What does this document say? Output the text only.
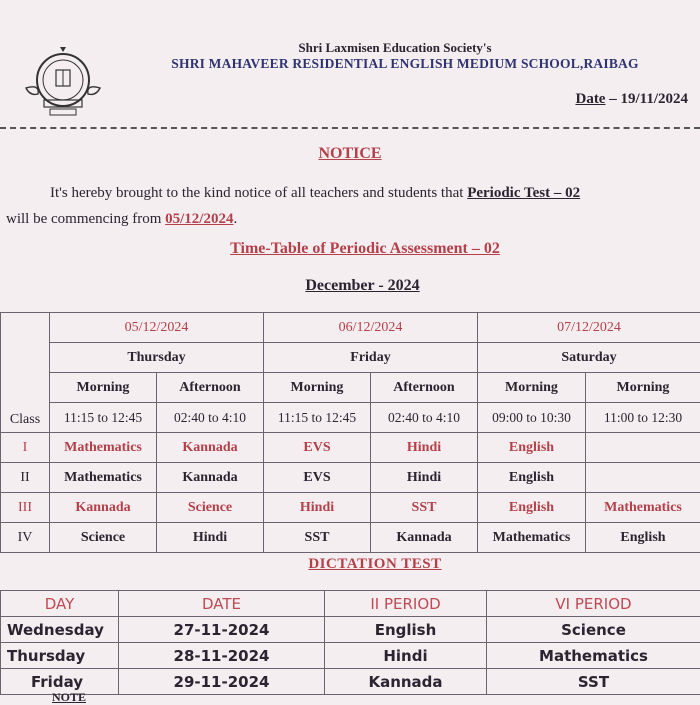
Shri Laxmisen Education Society's
SHRI MAHAVEER RESIDENTIAL ENGLISH MEDIUM SCHOOL,RAIBAG
Date – 19/11/2024
NOTICE
It's hereby brought to the kind notice of all teachers and students that Periodic Test – 02
will be commencing from 05/12/2024.
Time-Table of Periodic Assessment – 02
December - 2024
Class	05/12/2024		06/12/2024		07/12/2024	
	Thursday		Friday		Saturday	
	Morning	Afternoon	Morning	Afternoon	Morning	Morning
	11:15 to 12:45	02:40 to 4:10	11:15 to 12:45	02:40 to 4:10	09:00 to 10:30	11:00 to 12:30
I	Mathematics	Kannada	EVS	Hindi	English	
II	Mathematics	Kannada	EVS	Hindi	English	
III	Kannada	Science	Hindi	SST	English	Mathematics
IV	Science	Hindi	SST	Kannada	Mathematics	English
DICTATION TEST
DAY	DATE	II PERIOD	VI PERIOD
Wednesday	27-11-2024	English	Science
Thursday	28-11-2024	Hindi	Mathematics
Friday	29-11-2024	Kannada	SST
NOTE
